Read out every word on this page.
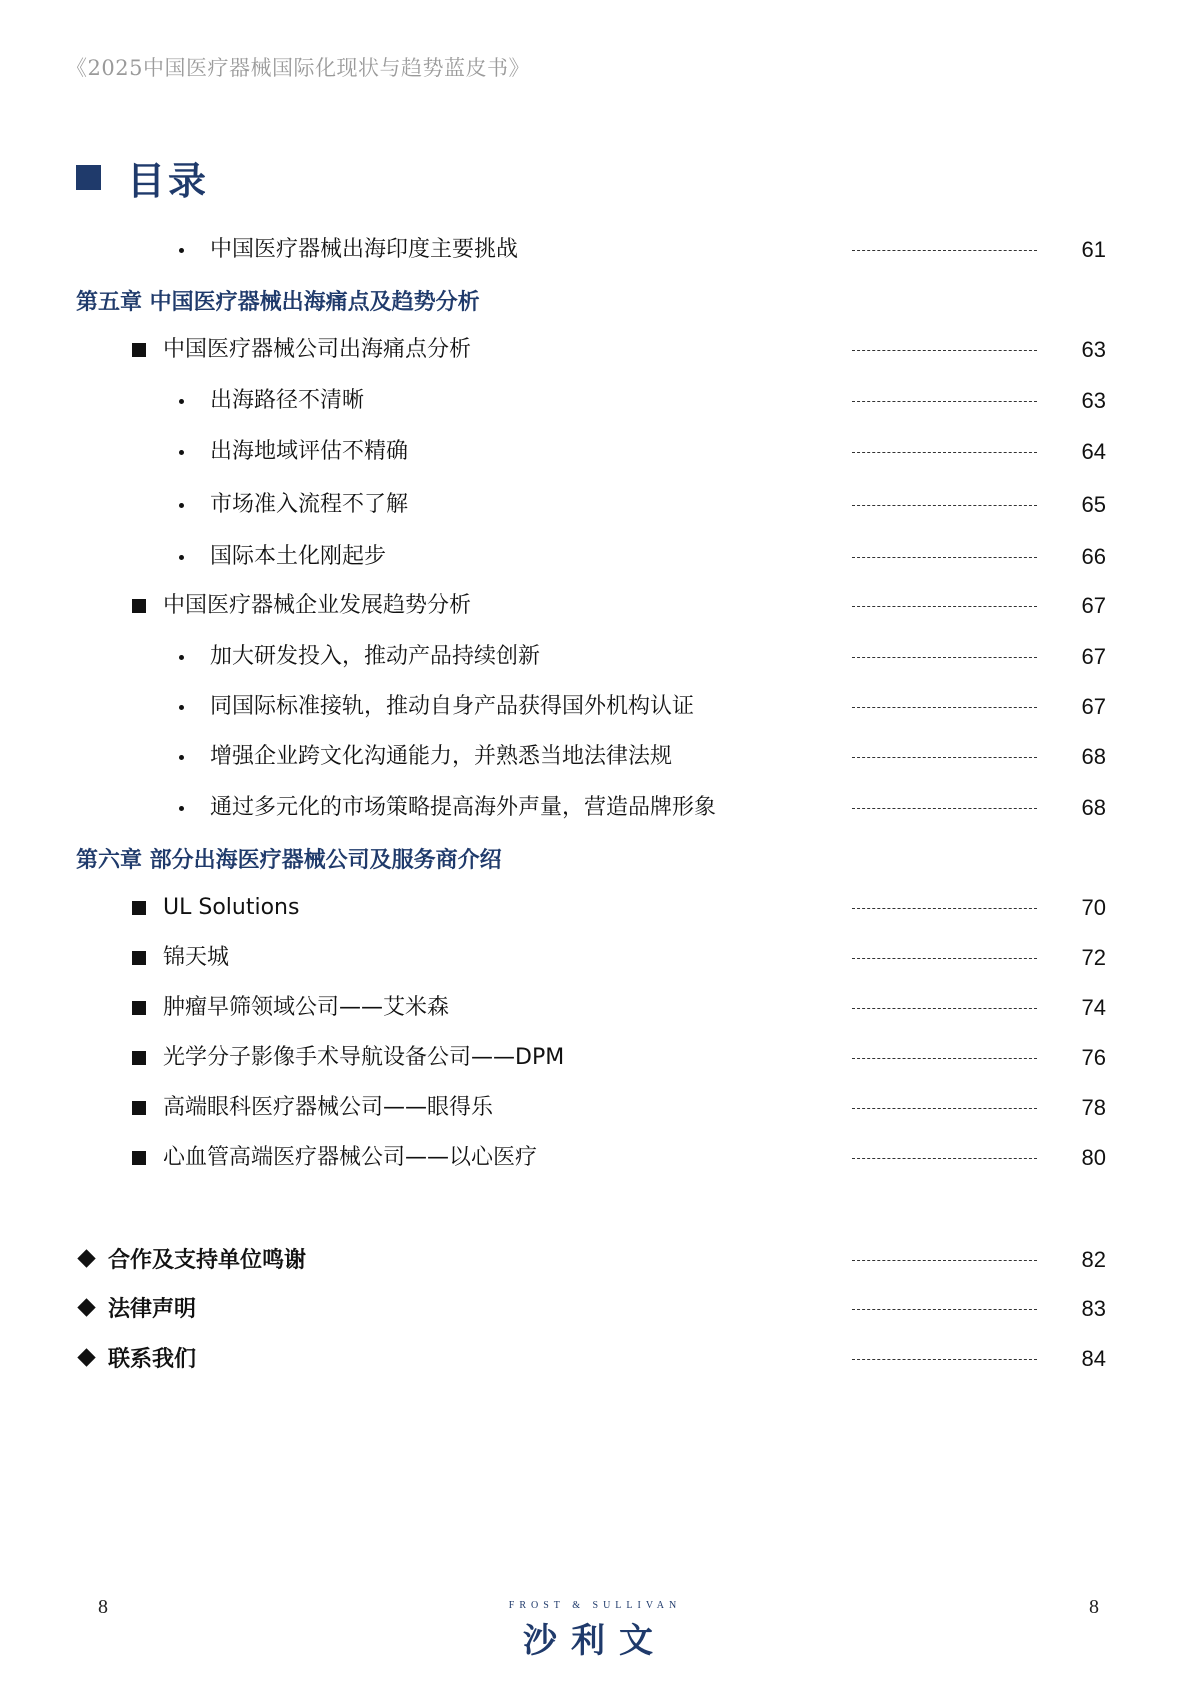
《2025中国医疗器械国际化现状与趋势蓝皮书》
目录
中国医疗器械出海印度主要挑战	61
第五章 中国医疗器械出海痛点及趋势分析
中国医疗器械公司出海痛点分析	63
出海路径不清晰	63
出海地域评估不精确	64
市场准入流程不了解	65
国际本土化刚起步	66
中国医疗器械企业发展趋势分析	67
加大研发投入，推动产品持续创新	67
同国际标准接轨，推动自身产品获得国外机构认证	67
增强企业跨文化沟通能力，并熟悉当地法律法规	68
通过多元化的市场策略提高海外声量，营造品牌形象	68
第六章 部分出海医疗器械公司及服务商介绍
UL Solutions	70
锦天城	72
肿瘤早筛领域公司——艾米森	74
光学分子影像手术导航设备公司——DPM	76
高端眼科医疗器械公司——眼得乐	78
心血管高端医疗器械公司——以心医疗	80
合作及支持单位鸣谢	82
法律声明	83
联系我们	84
8	FROST & SULLIVAN
沙利文
8
